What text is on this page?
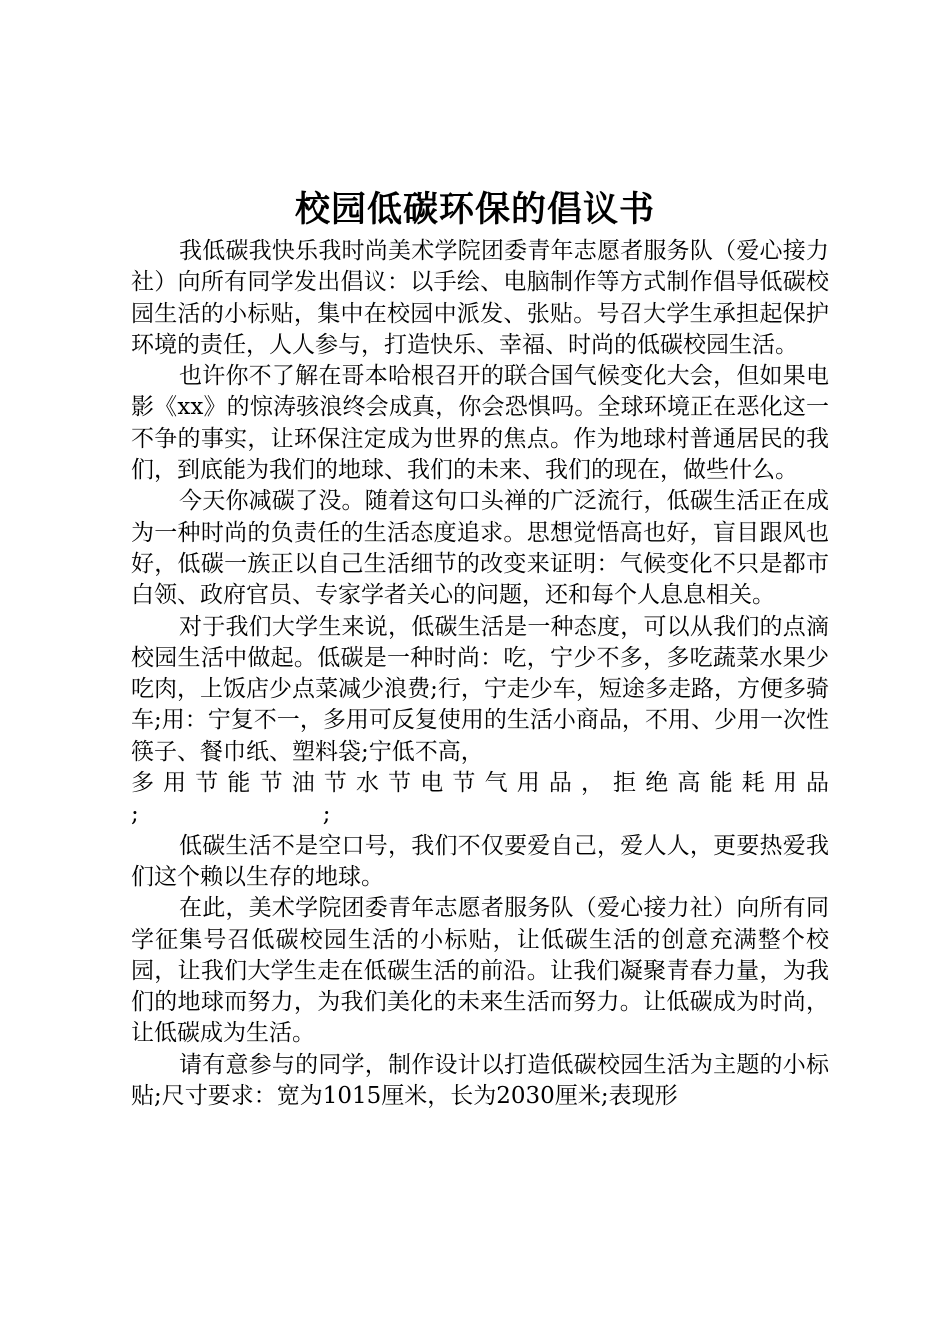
校园低碳环保的倡议书

我低碳我快乐我时尚美术学院团委青年志愿者服务队（爱心接力社）向所有同学发出倡议：以手绘、电脑制作等方式制作倡导低碳校园生活的小标贴，集中在校园中派发、张贴。号召大学生承担起保护环境的责任，人人参与，打造快乐、幸福、时尚的低碳校园生活。

也许你不了解在哥本哈根召开的联合国气候变化大会，但如果电影《xx》的惊涛骇浪终会成真，你会恐惧吗。全球环境正在恶化这一不争的事实，让环保注定成为世界的焦点。作为地球村普通居民的我们，到底能为我们的地球、我们的未来、我们的现在，做些什么。

今天你减碳了没。随着这句口头禅的广泛流行，低碳生活正在成为一种时尚的负责任的生活态度追求。思想觉悟高也好，盲目跟风也好，低碳一族正以自己生活细节的改变来证明：气候变化不只是都市白领、政府官员、专家学者关心的问题，还和每个人息息相关。

对于我们大学生来说，低碳生活是一种态度，可以从我们的点滴校园生活中做起。低碳是一种时尚：吃，宁少不多，多吃蔬菜水果少吃肉，上饭店少点菜减少浪费;行，宁走少车，短途多走路，方便多骑车;用：宁复不一，多用可反复使用的生活小商品，不用、少用一次性筷子、餐巾纸、塑料袋;宁低不高，

多用节能节油节水节电节气用品，拒绝高能耗用品

;　　　　　　　　;

低碳生活不是空口号，我们不仅要爱自己，爱人人，更要热爱我们这个赖以生存的地球。

在此，美术学院团委青年志愿者服务队（爱心接力社）向所有同学征集号召低碳校园生活的小标贴，让低碳生活的创意充满整个校园，让我们大学生走在低碳生活的前沿。让我们凝聚青春力量，为我们的地球而努力，为我们美化的未来生活而努力。让低碳成为时尚，让低碳成为生活。

请有意参与的同学，制作设计以打造低碳校园生活为主题的小标贴;尺寸要求：宽为1015厘米，长为2030厘米;表现形
